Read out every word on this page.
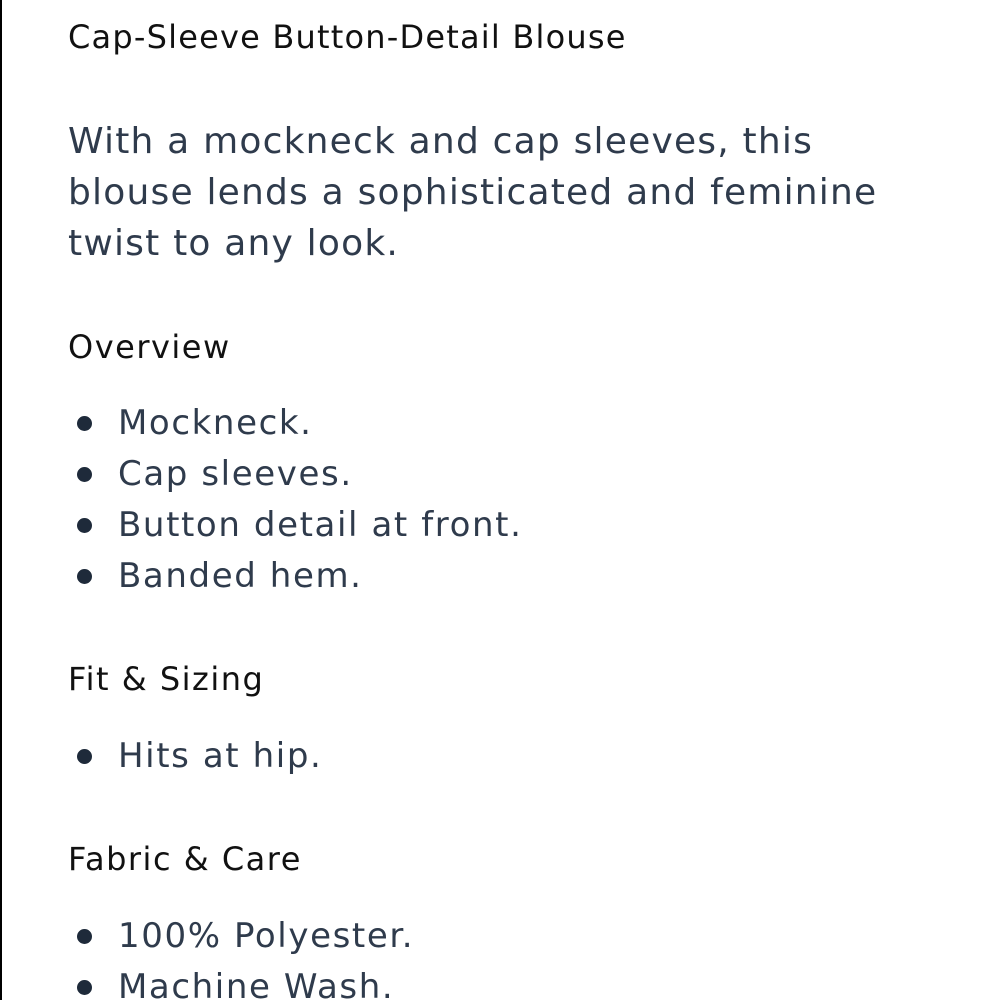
Cap-Sleeve Button-Detail Blouse

With a mockneck and cap sleeves, this blouse lends a sophisticated and feminine twist to any look.

Overview
Mockneck.
Cap sleeves.
Button detail at front.
Banded hem.
Fit & Sizing
Hits at hip.
Fabric & Care
100% Polyester.
Machine Wash.
